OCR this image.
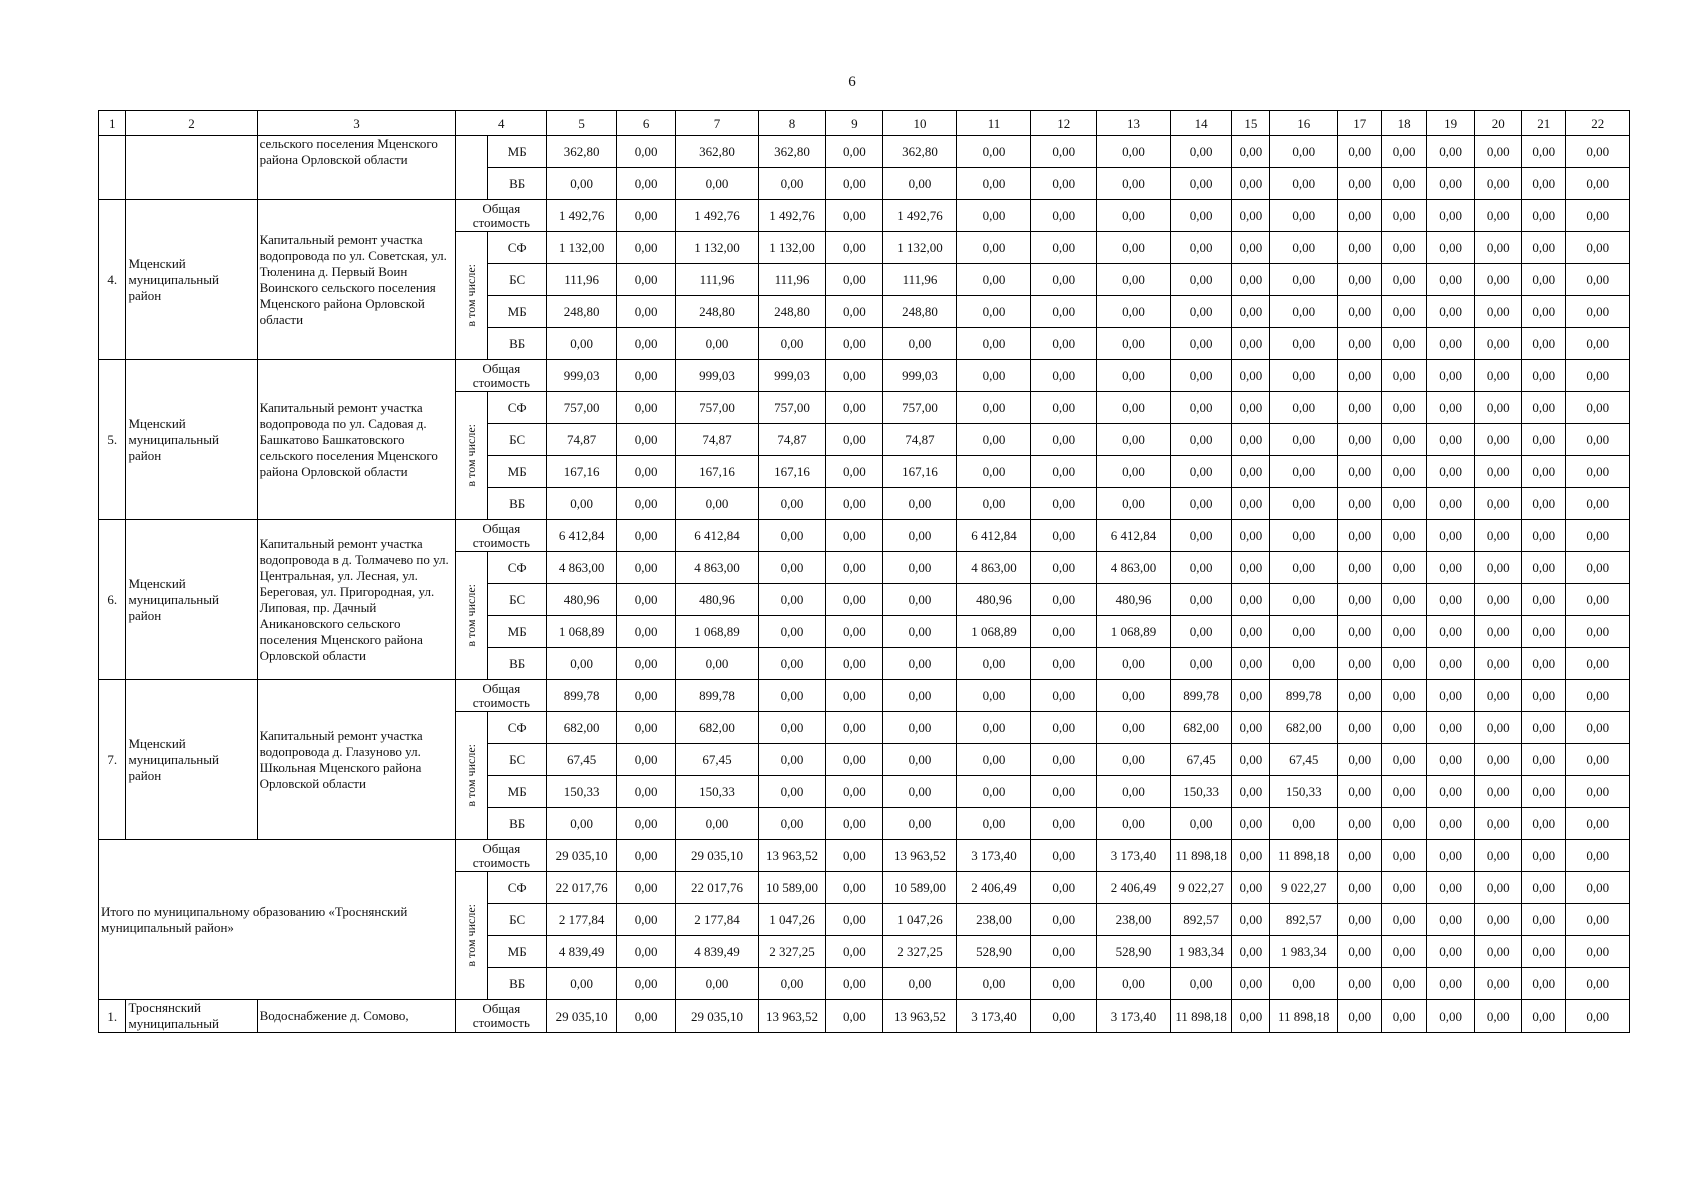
6
1	2	3	4		5	6	7	8	9	10	11	12	13	14	15	16	17	18	19	20	21	22
		сельского поселения Мценского района Орловской области		МБ	362,80	0,00	362,80	362,80	0,00	362,80	0,00	0,00	0,00	0,00	0,00	0,00	0,00	0,00	0,00	0,00	0,00	0,00
				ВБ	0,00	0,00	0,00	0,00	0,00	0,00	0,00	0,00	0,00	0,00	0,00	0,00	0,00	0,00	0,00	0,00	0,00	0,00
4.	Мценский муниципальный район	Капитальный ремонт участка водопровода по ул. Советская, ул. Тюленина д. Первый Воин Воинского сельского поселения Мценского района Орловской области	Общая стоимость		1 492,76	0,00	1 492,76	1 492,76	0,00	1 492,76	0,00	0,00	0,00	0,00	0,00	0,00	0,00	0,00	0,00	0,00	0,00	0,00

			в том числе:	СФ	1 132,00	0,00	1 132,00	1 132,00	0,00	1 132,00	0,00	0,00	0,00	0,00	0,00	0,00	0,00	0,00	0,00	0,00	0,00	0,00
				БС	111,96	0,00	111,96	111,96	0,00	111,96	0,00	0,00	0,00	0,00	0,00	0,00	0,00	0,00	0,00	0,00	0,00	0,00
				МБ	248,80	0,00	248,80	248,80	0,00	248,80	0,00	0,00	0,00	0,00	0,00	0,00	0,00	0,00	0,00	0,00	0,00	0,00
				ВБ	0,00	0,00	0,00	0,00	0,00	0,00	0,00	0,00	0,00	0,00	0,00	0,00	0,00	0,00	0,00	0,00	0,00	0,00
5.	Мценский муниципальный район	Капитальный ремонт участка водопровода по ул. Садовая д. Башкатово Башкатовского сельского поселения Мценского района Орловской области	Общая стоимость		999,03	0,00	999,03	999,03	0,00	999,03	0,00	0,00	0,00	0,00	0,00	0,00	0,00	0,00	0,00	0,00	0,00	0,00

			в том числе:	СФ	757,00	0,00	757,00	757,00	0,00	757,00	0,00	0,00	0,00	0,00	0,00	0,00	0,00	0,00	0,00	0,00	0,00	0,00
				БС	74,87	0,00	74,87	74,87	0,00	74,87	0,00	0,00	0,00	0,00	0,00	0,00	0,00	0,00	0,00	0,00	0,00	0,00
				МБ	167,16	0,00	167,16	167,16	0,00	167,16	0,00	0,00	0,00	0,00	0,00	0,00	0,00	0,00	0,00	0,00	0,00	0,00
				ВБ	0,00	0,00	0,00	0,00	0,00	0,00	0,00	0,00	0,00	0,00	0,00	0,00	0,00	0,00	0,00	0,00	0,00	0,00
6.	Мценский муниципальный район	Капитальный ремонт участка водопровода в д. Толмачево по ул. Центральная, ул. Лесная, ул. Береговая, ул. Пригородная, ул. Липовая, пр. Дачный Аникановского сельского поселения Мценского района Орловской области	Общая стоимость		6 412,84	0,00	6 412,84	0,00	0,00	0,00	6 412,84	0,00	6 412,84	0,00	0,00	0,00	0,00	0,00	0,00	0,00	0,00	0,00

			в том числе:	СФ	4 863,00	0,00	4 863,00	0,00	0,00	0,00	4 863,00	0,00	4 863,00	0,00	0,00	0,00	0,00	0,00	0,00	0,00	0,00	0,00
				БС	480,96	0,00	480,96	0,00	0,00	0,00	480,96	0,00	480,96	0,00	0,00	0,00	0,00	0,00	0,00	0,00	0,00	0,00
				МБ	1 068,89	0,00	1 068,89	0,00	0,00	0,00	1 068,89	0,00	1 068,89	0,00	0,00	0,00	0,00	0,00	0,00	0,00	0,00	0,00
				ВБ	0,00	0,00	0,00	0,00	0,00	0,00	0,00	0,00	0,00	0,00	0,00	0,00	0,00	0,00	0,00	0,00	0,00	0,00
7.	Мценский муниципальный район	Капитальный ремонт участка водопровода д. Глазуново ул. Школьная Мценского района Орловской области	Общая стоимость		899,78	0,00	899,78	0,00	0,00	0,00	0,00	0,00	0,00	899,78	0,00	899,78	0,00	0,00	0,00	0,00	0,00	0,00

			в том числе:	СФ	682,00	0,00	682,00	0,00	0,00	0,00	0,00	0,00	0,00	682,00	0,00	682,00	0,00	0,00	0,00	0,00	0,00	0,00
				БС	67,45	0,00	67,45	0,00	0,00	0,00	0,00	0,00	0,00	67,45	0,00	67,45	0,00	0,00	0,00	0,00	0,00	0,00
				МБ	150,33	0,00	150,33	0,00	0,00	0,00	0,00	0,00	0,00	150,33	0,00	150,33	0,00	0,00	0,00	0,00	0,00	0,00
				ВБ	0,00	0,00	0,00	0,00	0,00	0,00	0,00	0,00	0,00	0,00	0,00	0,00	0,00	0,00	0,00	0,00	0,00	0,00
Итого по муниципальному образованию «Троснянский муниципальный район»			Общая стоимость		29 035,10	0,00	29 035,10	13 963,52	0,00	13 963,52	3 173,40	0,00	3 173,40	11 898,18	0,00	11 898,18	0,00	0,00	0,00	0,00	0,00	0,00

			в том числе:	СФ	22 017,76	0,00	22 017,76	10 589,00	0,00	10 589,00	2 406,49	0,00	2 406,49	9 022,27	0,00	9 022,27	0,00	0,00	0,00	0,00	0,00	0,00
				БС	2 177,84	0,00	2 177,84	1 047,26	0,00	1 047,26	238,00	0,00	238,00	892,57	0,00	892,57	0,00	0,00	0,00	0,00	0,00	0,00
				МБ	4 839,49	0,00	4 839,49	2 327,25	0,00	2 327,25	528,90	0,00	528,90	1 983,34	0,00	1 983,34	0,00	0,00	0,00	0,00	0,00	0,00
				ВБ	0,00	0,00	0,00	0,00	0,00	0,00	0,00	0,00	0,00	0,00	0,00	0,00	0,00	0,00	0,00	0,00	0,00	0,00
1.	Троснянский муниципальный	Водоснабжение д. Сомово,	Общая стоимость		29 035,10	0,00	29 035,10	13 963,52	0,00	13 963,52	3 173,40	0,00	3 173,40	11 898,18	0,00	11 898,18	0,00	0,00	0,00	0,00	0,00	0,00
